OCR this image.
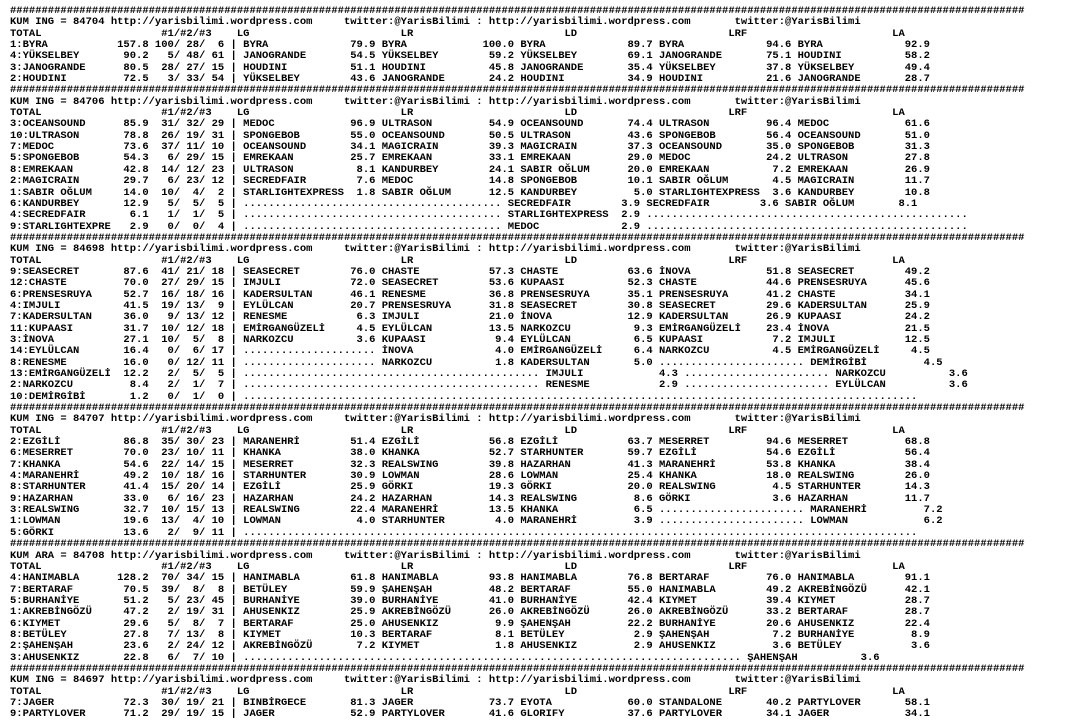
#################################################################################################################################################################
KUM ING = 84704 http://yarisbilimi.wordpress.com     twitter:@YarisBilimi : http://yarisbilimi.wordpress.com       twitter:@YarisBilimi
TOTAL                   #1/#2/#3    LG                        LR                        LD                        LRF                       LA
1:BYRA           157.8 100/ 28/  6 | BYRA             79.9 BYRA            100.0 BYRA             89.7 BYRA             94.6 BYRA             92.9
4:YÜKSELBEY       90.2   5/ 48/ 61 | JANOGRANDE       54.5 YÜKSELBEY        59.2 YÜKSELBEY        69.1 JANOGRANDE       75.1 HOUDINI          58.2
3:JANOGRANDE      80.5  28/ 27/ 15 | HOUDINI          51.1 HOUDINI          45.8 JANOGRANDE       35.4 YÜKSELBEY        37.8 YÜKSELBEY        49.4
2:HOUDINI         72.5   3/ 33/ 54 | YÜKSELBEY        43.6 JANOGRANDE       24.2 HOUDINI          34.9 HOUDINI          21.6 JANOGRANDE       28.7
#################################################################################################################################################################
KUM ING = 84706 http://yarisbilimi.wordpress.com     twitter:@YarisBilimi : http://yarisbilimi.wordpress.com       twitter:@YarisBilimi
TOTAL                   #1/#2/#3    LG                        LR                        LD                        LRF                       LA
3:OCEANSOUND      85.9  31/ 32/ 29 | MEDOC            96.9 ULTRASON         54.9 OCEANSOUND       74.4 ULTRASON         96.4 MEDOC            61.6
10:ULTRASON       78.8  26/ 19/ 31 | SPONGEBOB        55.0 OCEANSOUND       50.5 ULTRASON         43.6 SPONGEBOB        56.4 OCEANSOUND       51.0
7:MEDOC           73.6  37/ 11/ 10 | OCEANSOUND       34.1 MAGICRAIN        39.3 MAGICRAIN        37.3 OCEANSOUND       35.0 SPONGEBOB        31.3
5:SPONGEBOB       54.3   6/ 29/ 15 | EMREKAAN         25.7 EMREKAAN         33.1 EMREKAAN         29.0 MEDOC            24.2 ULTRASON         27.8
8:EMREKAAN        42.8  14/ 12/ 23 | ULTRASON          8.1 KANDURBEY        24.1 SABIR OĞLUM      20.0 EMREKAAN          7.2 EMREKAAN         26.9
2:MAGICRAIN       29.7   6/ 23/ 12 | SECREDFAIR        7.6 MEDOC            14.8 SPONGEBOB        10.1 SABIR OĞLUM       4.5 MAGICRAIN        11.7
1:SABIR OĞLUM     14.0  10/  4/  2 | STARLIGHTEXPRESS  1.8 SABIR OĞLUM      12.5 KANDURBEY         5.0 STARLIGHTEXPRESS  3.6 KANDURBEY        10.8
6:KANDURBEY       12.9   5/  5/  5 | ......................................... SECREDFAIR        3.9 SECREDFAIR        3.6 SABIR OĞLUM       8.1
4:SECREDFAIR       6.1   1/  1/  5 | ......................................... STARLIGHTEXPRESS  2.9 ...................................................
9:STARLIGHTEXPRE   2.9   0/  0/  4 | ......................................... MEDOC             2.9 ...................................................
#################################################################################################################################################################
KUM ING = 84698 http://yarisbilimi.wordpress.com     twitter:@YarisBilimi : http://yarisbilimi.wordpress.com       twitter:@YarisBilimi
TOTAL                   #1/#2/#3    LG                        LR                        LD                        LRF                       LA
9:SEASECRET       87.6  41/ 21/ 18 | SEASECRET        76.0 CHASTE           57.3 CHASTE           63.6 İNOVA            51.8 SEASECRET        49.2
12:CHASTE         70.0  27/ 29/ 15 | IMJULI           72.0 SEASECRET        53.6 KUPAASI          52.3 CHASTE           44.6 PRENSESRUYA      45.6
6:PRENSESRUYA     52.7  16/ 18/ 16 | KADERSULTAN      46.1 RENESME          36.8 PRENSESRUYA      35.1 PRENSESRUYA      41.2 CHASTE           34.1
4:IMJULI          41.5  19/ 13/  9 | EYLÜLCAN         20.7 PRENSESRUYA      31.8 SEASECRET        30.8 SEASECRET        29.6 KADERSULTAN      25.9
7:KADERSULTAN     36.0   9/ 13/ 12 | RENESME           6.3 IMJULI           21.0 İNOVA            12.9 KADERSULTAN      26.9 KUPAASI          24.2
11:KUPAASI        31.7  10/ 12/ 18 | EMİRGANGÜZELİ     4.5 EYLÜLCAN         13.5 NARKOZCU          9.3 EMİRGANGÜZELİ    23.4 İNOVA            21.5
3:İNOVA           27.1  10/  5/  8 | NARKOZCU          3.6 KUPAASI           9.4 EYLÜLCAN          6.5 KUPAASI           7.2 IMJULI           12.5
14:EYLÜLCAN       16.4   0/  6/ 17 | ..................... İNOVA             4.0 EMİRGANGÜZELİ     6.4 NARKOZCU          4.5 EMİRGANGÜZELİ     4.5
8:RENESME         16.0   0/ 12/ 11 | ..................... NARKOZCU          1.8 KADERSULTAN       5.0 ....................... DEMİRGİBİ         4.5
13:EMİRGANGÜZELİ  12.2   2/  5/  5 | ............................................... IMJULI            4.3 ....................... NARKOZCU          3.6
2:NARKOZCU         8.4   2/  1/  7 | ............................................... RENESME           2.9 ....................... EYLÜLCAN          3.6
10:DEMİRGİBİ       1.2   0/  1/  0 | ...........................................................................................................
#################################################################################################################################################################
KUM ING = 84707 http://yarisbilimi.wordpress.com     twitter:@YarisBilimi : http://yarisbilimi.wordpress.com       twitter:@YarisBilimi
TOTAL                   #1/#2/#3    LG                        LR                        LD                        LRF                       LA
2:EZGİLİ          86.8  35/ 30/ 23 | MARANEHRİ        51.4 EZGİLİ           56.8 EZGİLİ           63.7 MESERRET         94.6 MESERRET         68.8
6:MESERRET        70.0  23/ 10/ 11 | KHANKA           38.0 KHANKA           52.7 STARHUNTER       59.7 EZGİLİ           54.6 EZGİLİ           56.4
7:KHANKA          54.6  22/ 14/ 15 | MESERRET         32.3 REALSWING        39.8 HAZARHAN         41.3 MARANEHRİ        53.8 KHANKA           38.4
4:MARANEHRİ       49.2  10/ 18/ 16 | STARHUNTER       30.9 LOWMAN           28.6 LOWMAN           25.4 KHANKA           18.0 REALSWING        26.0
8:STARHUNTER      41.4  15/ 20/ 14 | EZGİLİ           25.9 GÖRKI            19.3 GÖRKI            20.0 REALSWING         4.5 STARHUNTER       14.3
9:HAZARHAN        33.0   6/ 16/ 23 | HAZARHAN         24.2 HAZARHAN         14.3 REALSWING         8.6 GÖRKI             3.6 HAZARHAN         11.7
3:REALSWING       32.7  10/ 15/ 13 | REALSWING        22.4 MARANEHRİ        13.5 KHANKA            6.5 ....................... MARANEHRİ         7.2
1:LOWMAN          19.6  13/  4/ 10 | LOWMAN            4.0 STARHUNTER        4.0 MARANEHRİ         3.9 ....................... LOWMAN            6.2
5:GÖRKI           13.6   2/  9/ 11 | ...........................................................................................................
#################################################################################################################################################################
KUM ARA = 84708 http://yarisbilimi.wordpress.com     twitter:@YarisBilimi : http://yarisbilimi.wordpress.com       twitter:@YarisBilimi
TOTAL                   #1/#2/#3    LG                        LR                        LD                        LRF                       LA
4:HANIMABLA      128.2  70/ 34/ 15 | HANIMABLA        61.8 HANIMABLA        93.8 HANIMABLA        76.8 BERTARAF         76.0 HANIMABLA        91.1
7:BERTARAF        70.5  39/  8/  8 | BETÜLEY          59.9 ŞAHENŞAH         48.2 BERTARAF         55.0 HANIMABLA        49.2 AKREBİNGÖZÜ      42.1
5:BURHANİYE       51.2   5/ 23/ 45 | BURHANİYE        39.0 BURHANİYE        41.0 BURHANİYE        42.4 KIYMET           39.4 KIYMET           28.7
1:AKREBİNGÖZÜ     47.2   2/ 19/ 31 | AHUSENKIZ        25.9 AKREBİNGÖZÜ      26.0 AKREBİNGÖZÜ      26.0 AKREBİNGÖZÜ      33.2 BERTARAF         28.7
6:KIYMET          29.6   5/  8/  7 | BERTARAF         25.0 AHUSENKIZ         9.9 ŞAHENŞAH         22.2 BURHANİYE        20.6 AHUSENKIZ        22.4
8:BETÜLEY         27.8   7/ 13/  8 | KIYMET           10.3 BERTARAF          8.1 BETÜLEY           2.9 ŞAHENŞAH          7.2 BURHANİYE         8.9
2:ŞAHENŞAH        23.6   2/ 24/ 12 | AKREBİNGÖZÜ       7.2 KIYMET            1.8 AHUSENKIZ         2.9 AHUSENKIZ         3.6 BETÜLEY           3.6
3:AHUSENKIZ       22.8   6/  7/ 10 | ............................................................................... ŞAHENŞAH          3.6
#################################################################################################################################################################
KUM ING = 84697 http://yarisbilimi.wordpress.com     twitter:@YarisBilimi : http://yarisbilimi.wordpress.com       twitter:@YarisBilimi
TOTAL                   #1/#2/#3    LG                        LR                        LD                        LRF                       LA
7:JAGER           72.3  30/ 19/ 21 | BINBİRGECE       81.3 JAGER            73.7 EYOTA            60.0 STANDALONE       40.2 PARTYLOVER       58.1
9:PARTYLOVER      71.2  29/ 19/ 15 | JAGER            52.9 PARTYLOVER       41.6 GLORIFY          37.6 PARTYLOVER       34.1 JAGER            34.1
